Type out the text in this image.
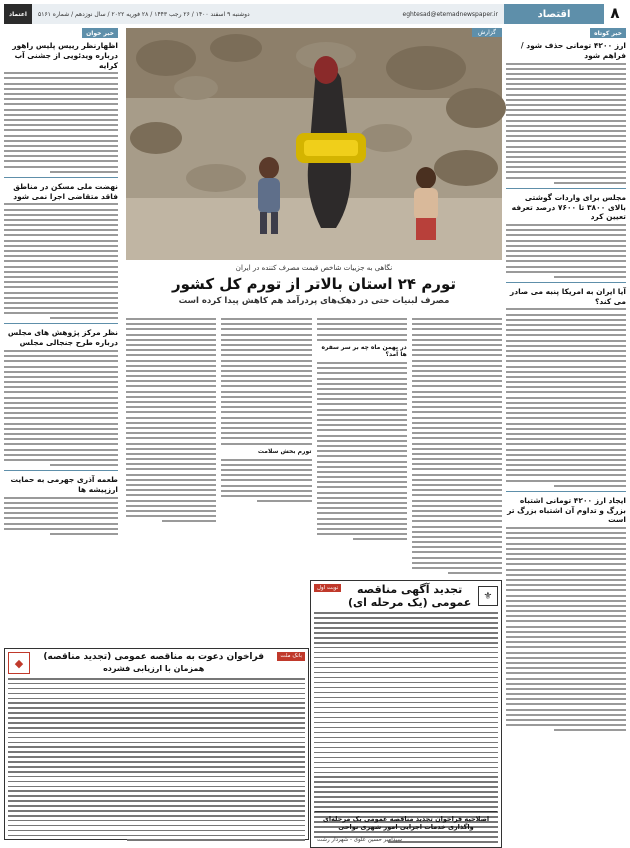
۸
اقتصاد
eghtesad@etemadnewspaper.ir
دوشنبه ۹ اسفند ۱۴۰۰ / ۲۶ رجب ۱۴۴۳ / ۲۸ فوریه ۲۰۲۲ / سال نوزدهم / شماره ۵۱۶۱
اعتماد
خبر کوتاه
ارز ۴۲۰۰ تومانی حذف شود / فراهم شود
مجلس برای واردات گوشتی بالای ۳۸۰۰ تا ۷۶۰۰ درصد تعرفه تعیین کرد
آیا ایران به امریکا پنبه می صادر می کند؟
ایجاد ارز ۴۲۰۰ تومانی اشتباه بزرگ و تداوم آن اشتباه بزرگ تر است
خبر خوان
اظهارنظر رییس پلیس راهور درباره ویدئویی از جشنی آب کرایه
نهضت ملی مسکن در مناطق فاقد متقاضی اجرا نمی شود
نظر مرکز پژوهش های مجلس درباره طرح جنجالی مجلس
طعمه آذری جهرمی به حمایت ارزپیشه ها
گزارش
نگاهی به جزییات شاخص قیمت مصرف کننده در ایران
تورم ۲۴ استان بالاتر از تورم کل کشور
مصرف لبنیات حتی در دهک‌های پردرآمد هم کاهش پیدا کرده است
در بهمن ماه چه بر سر سفره ها آمد؟
تورم بخش سلامت
⚜
تجدید آگهی مناقصه عمومی (یک مرحله ای)
نوبت اول
اصلاحیه فراخوان تجدید مناقصه عمومی یک مرحله‌ای واگذاری خدمات اجرایی امور شهری نواحی
سیدامیر حسین علوی - شهردار رشت
بانک ملت
فراخوان دعوت به مناقصه عمومی (تجدید مناقصه)
همزمان با ارزیابی فشرده
◆
